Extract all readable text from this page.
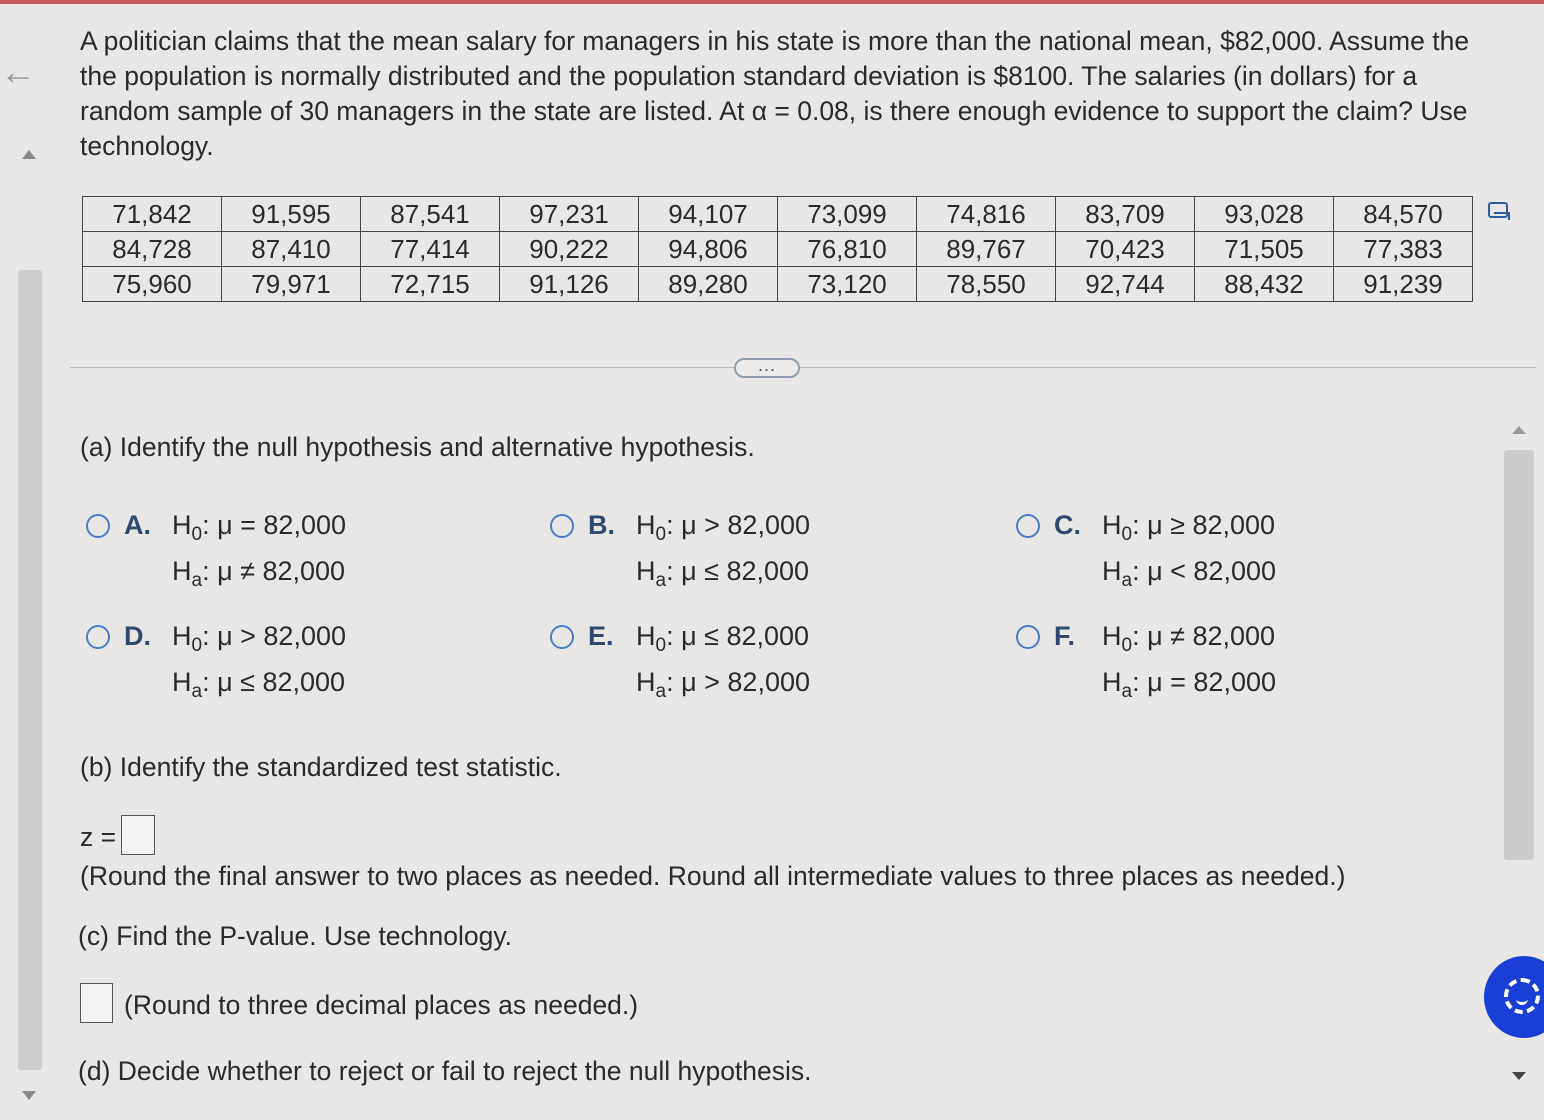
←
A politician claims that the mean salary for managers in his state is more than the national mean, $82,000. Assume the
the population is normally distributed and the population standard deviation is $8100. The salaries (in dollars) for a
random sample of 30 managers in the state are listed. At α = 0.08, is there enough evidence to support the claim? Use
technology.
71,842	91,595	87,541	97,231	94,107	73,099	74,816	83,709	93,028	84,570
84,728	87,410	77,414	90,222	94,806	76,810	89,767	70,423	71,505	77,383
75,960	79,971	72,715	91,126	89,280	73,120	78,550	92,744	88,432	91,239
...
(a) Identify the null hypothesis and alternative hypothesis.
A. $H_0$: μ = 82,000
$H_a$: μ ≠ 82,000
B. $H_0$: μ > 82,000
$H_a$: μ ≤ 82,000
C. $H_0$: μ ≥ 82,000
$H_a$: μ < 82,000
D. $H_0$: μ > 82,000
$H_a$: μ ≤ 82,000
E. $H_0$: μ ≤ 82,000
$H_a$: μ > 82,000
F. $H_0$: μ ≠ 82,000
$H_a$: μ = 82,000
(b) Identify the standardized test statistic.
z =
(Round the final answer to two places as needed. Round all intermediate values to three places as needed.)
(c) Find the P-value. Use technology.
(Round to three decimal places as needed.)
(d) Decide whether to reject or fail to reject the null hypothesis.
